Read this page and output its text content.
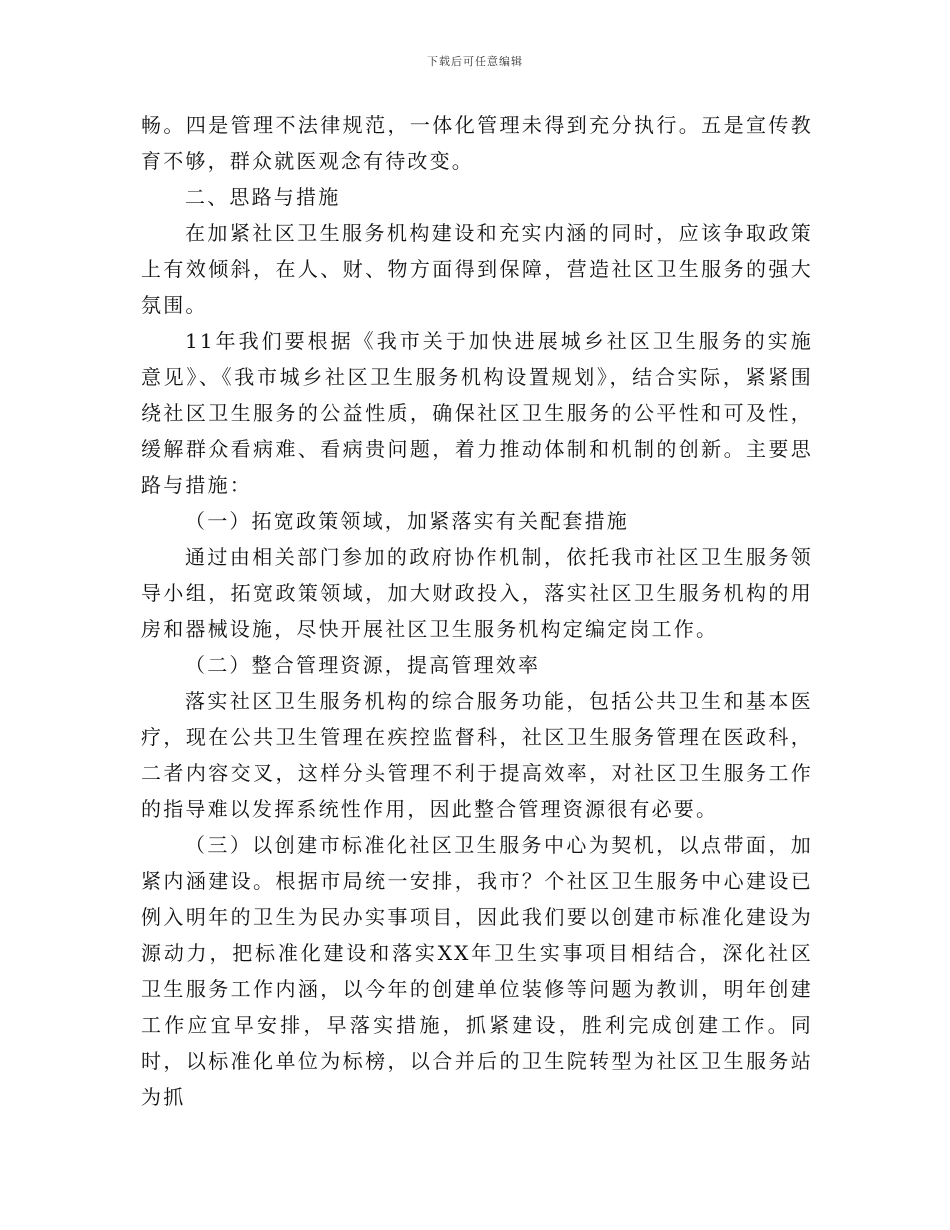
下载后可任意编辑

畅。四是管理不法律规范，一体化管理未得到充分执行。五是宣传教育不够，群众就医观念有待改变。

二、思路与措施

在加紧社区卫生服务机构建设和充实内涵的同时，应该争取政策上有效倾斜，在人、财、物方面得到保障，营造社区卫生服务的强大氛围。

11年我们要根据《我市关于加快进展城乡社区卫生服务的实施意见》、《我市城乡社区卫生服务机构设置规划》，结合实际，紧紧围绕社区卫生服务的公益性质，确保社区卫生服务的公平性和可及性，缓解群众看病难、看病贵问题，着力推动体制和机制的创新。主要思路与措施：

（一）拓宽政策领域，加紧落实有关配套措施

通过由相关部门参加的政府协作机制，依托我市社区卫生服务领导小组，拓宽政策领域，加大财政投入，落实社区卫生服务机构的用房和器械设施，尽快开展社区卫生服务机构定编定岗工作。

（二）整合管理资源，提高管理效率

落实社区卫生服务机构的综合服务功能，包括公共卫生和基本医疗，现在公共卫生管理在疾控监督科，社区卫生服务管理在医政科，二者内容交叉，这样分头管理不利于提高效率，对社区卫生服务工作的指导难以发挥系统性作用，因此整合管理资源很有必要。

（三）以创建市标准化社区卫生服务中心为契机，以点带面，加紧内涵建设。根据市局统一安排，我市？个社区卫生服务中心建设已例入明年的卫生为民办实事项目，因此我们要以创建市标准化建设为源动力，把标准化建设和落实XX年卫生实事项目相结合，深化社区卫生服务工作内涵，以今年的创建单位装修等问题为教训，明年创建工作应宜早安排，早落实措施，抓紧建设，胜利完成创建工作。同时，以标准化单位为标榜，以合并后的卫生院转型为社区卫生服务站为抓
